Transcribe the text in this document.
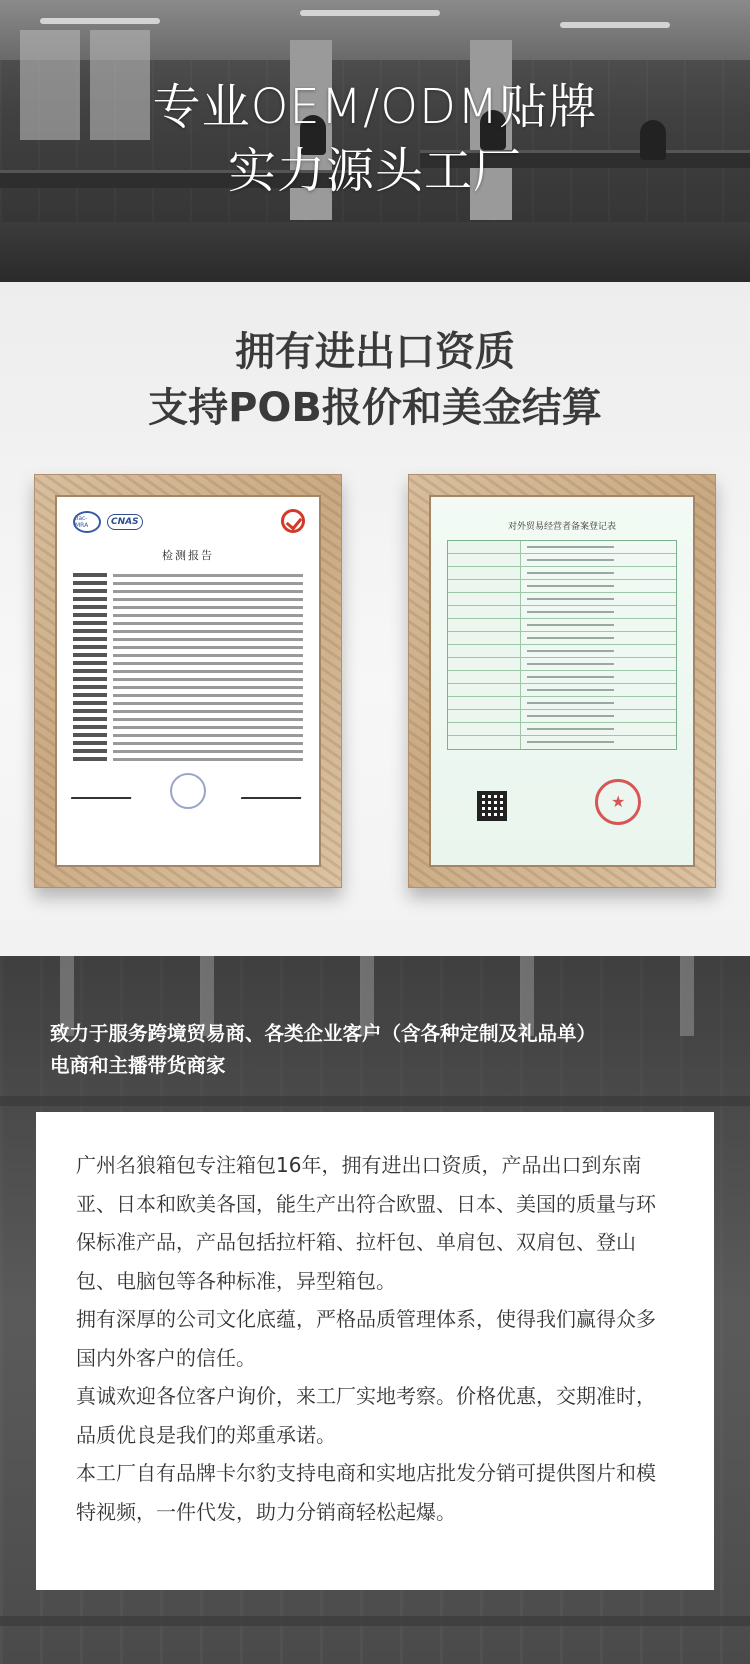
专业OEM/ODM贴牌
实力源头工厂
拥有进出口资质
支持POB报价和美金结算
ilac-MRA	CNAS
检测报告
对外贸易经营者备案登记表
★

致力于服务跨境贸易商、各类企业客户（含各种定制及礼品单）

电商和主播带货商家

广州名狼箱包专注箱包16年，拥有进出口资质，产品出口到东南亚、日本和欧美各国，能生产出符合欧盟、日本、美国的质量与环保标准产品，产品包括拉杆箱、拉杆包、单肩包、双肩包、登山包、电脑包等各种标准，异型箱包。

拥有深厚的公司文化底蕴，严格品质管理体系，使得我们赢得众多国内外客户的信任。

真诚欢迎各位客户询价，来工厂实地考察。价格优惠，交期准时，品质优良是我们的郑重承诺。

本工厂自有品牌卡尔豹支持电商和实地店批发分销可提供图片和模特视频，一件代发，助力分销商轻松起爆。
